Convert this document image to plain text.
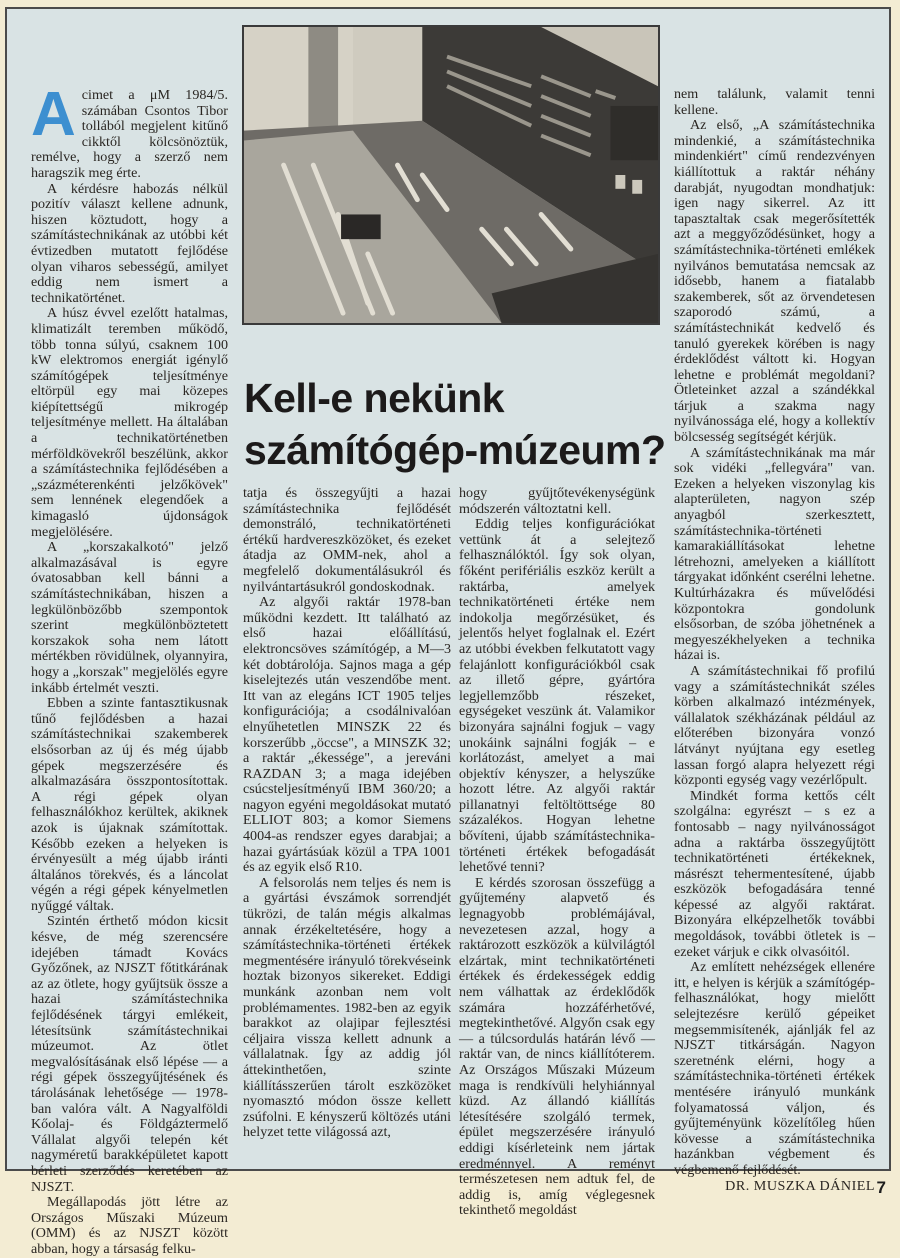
Kell-e nekünk
számítógép-múzeum?

Acimet a μM 1984/5. számában Csontos Tibor tollából megjelent kitűnő cikktől kölcsönöztük, remélve, hogy a szerző nem haragszik meg érte.

A kérdésre habozás nélkül pozitív választ kellene adnunk, hiszen köztudott, hogy a számítástechnikának az utóbbi két évtizedben mutatott fejlődése olyan viharos sebességű, amilyet eddig nem ismert a technikatörténet.

A húsz évvel ezelőtt hatalmas, klimatizált teremben működő, több tonna súlyú, csaknem 100 kW elektromos energiát igénylő számítógépek teljesítménye eltörpül egy mai közepes kiépítettségű mikrogép teljesítménye mellett. Ha általában a technikatörténetben mérföldkövekről beszélünk, akkor a számítástechnika fejlődésében a „százméterenkénti jelzőkövek" sem lennének elegendőek a kimagasló újdonságok megjelölésére.

A „korszakalkotó" jelző alkalmazásával is egyre óvatosabban kell bánni a számítástechnikában, hiszen a legkülönbözőbb szempontok szerint megkülönböztetett korszakok soha nem látott mértékben rövidülnek, olyannyira, hogy a „korszak" megjelölés egyre inkább értelmét veszti.

Ebben a szinte fantasztikusnak tűnő fejlődésben a hazai számítástechnikai szakemberek elsősorban az új és még újabb gépek megszerzésére és alkalmazására összpontosítottak. A régi gépek olyan felhasználókhoz kerültek, akiknek azok is újaknak számítottak. Később ezeken a helyeken is érvényesült a még újabb iránti általános törekvés, és a láncolat végén a régi gépek kényelmetlen nyűggé váltak.

Szintén érthető módon kicsit késve, de még szerencsére idejében támadt Kovács Győzőnek, az NJSZT főtitkárának az az ötlete, hogy gyűjtsük össze a hazai számítástechnika fejlődésének tárgyi emlékeit, létesítsünk számítástechnikai múzeumot. Az ötlet megvalósításának első lépése — a régi gépek összegyűjtésének és tárolásának lehetősége — 1978-ban valóra vált. A Nagyalföldi Kőolaj- és Földgáztermelő Vállalat algyői telepén két nagyméretű barakképületet kapott bérleti szerződés keretében az NJSZT.

Megállapodás jött létre az Országos Műszaki Múzeum (OMM) és az NJSZT között abban, hogy a társaság felku-

tatja és összegyűjti a hazai számítástechnika fejlődését demonstráló, technikatörténeti értékű hardvereszközöket, és ezeket átadja az OMM-nek, ahol a megfelelő dokumentálásukról és nyilvántartásukról gondoskodnak.

Az algyői raktár 1978-ban működni kezdett. Itt található az első hazai előállítású, elektroncsöves számítógép, a M—3 két dobtárolója. Sajnos maga a gép kiselejtezés után veszendőbe ment. Itt van az elegáns ICT 1905 teljes konfigurációja; a csodálnivalóan elnyűhetetlen MINSZK 22 és korszerűbb „öccse", a MINSZK 32; a raktár „ékessége", a jereváni RAZDAN 3; a maga idejében csúcsteljesítményű IBM 360/20; a nagyon egyéni megoldásokat mutató ELLIOT 803; a komor Siemens 4004-as rendszer egyes darabjai; a hazai gyártásúak közül a TPA 1001 és az egyik első R10.

A felsorolás nem teljes és nem is a gyártási évszámok sorrendjét tükrözi, de talán mégis alkalmas annak érzékeltetésére, hogy a számítástechnika-történeti értékek megmentésére irányuló törekvéseink hoztak bizonyos sikereket. Eddigi munkánk azonban nem volt problémamentes. 1982-ben az egyik barakkot az olajipar fejlesztési céljaira vissza kellett adnunk a vállalatnak. Így az addig jól áttekinthetően, szinte kiállításszerűen tárolt eszközöket nyomasztó módon össze kellett zsúfolni. E kényszerű költözés utáni helyzet tette világossá azt,

hogy gyűjtőtevékenységünk módszerén változtatni kell.

Eddig teljes konfigurációkat vettünk át a selejtező felhasználóktól. Így sok olyan, főként perifériális eszköz került a raktárba, amelyek technikatörténeti értéke nem indokolja megőrzésüket, és jelentős helyet foglalnak el. Ezért az utóbbi években felkutatott vagy felajánlott konfigurációkból csak az illető gépre, gyártóra legjellemzőbb részeket, egységeket veszünk át. Valamikor bizonyára sajnálni fogjuk – vagy unokáink sajnálni fogják – e korlátozást, amelyet a mai objektív kényszer, a helyszűke hozott létre. Az algyői raktár pillanatnyi feltöltöttsége 80 százalékos. Hogyan lehetne bővíteni, újabb számítástechnika-történeti értékek befogadását lehetővé tenni?

E kérdés szorosan összefügg a gyűjtemény alapvető és legnagyobb problémájával, nevezetesen azzal, hogy a raktározott eszközök a külvilágtól elzártak, mint technikatörténeti értékek és érdekességek eddig nem válhattak az érdeklődők számára hozzáférhetővé, megtekinthetővé. Algyőn csak egy — a túlcsordulás határán lévő — raktár van, de nincs kiállítóterem. Az Országos Műszaki Múzeum maga is rendkívüli helyhiánnyal küzd. Az állandó kiállítás létesítésére szolgáló termek, épület megszerzésére irányuló eddigi kísérleteink nem jártak eredménnyel. A reményt természetesen nem adtuk fel, de addig is, amíg véglegesnek tekinthető megoldást

nem találunk, valamit tenni kellene.

Az első, „A számítástechnika mindenkié, a számítástechnika mindenkiért" című rendezvényen kiállítottuk a raktár néhány darabját, nyugodtan mondhatjuk: igen nagy sikerrel. Az itt tapasztaltak csak megerősítették azt a meggyőződésünket, hogy a számítástechnika-történeti emlékek nyilvános bemutatása nemcsak az idősebb, hanem a fiatalabb szakemberek, sőt az örvendetesen szaporodó számú, a számítástechnikát kedvelő és tanuló gyerekek körében is nagy érdeklődést váltott ki. Hogyan lehetne e problémát megoldani? Ötleteinket azzal a szándékkal tárjuk a szakma nagy nyilvánossága elé, hogy a kollektív bölcsesség segítségét kérjük.

A számítástechnikának ma már sok vidéki „fellegvára" van. Ezeken a helyeken viszonylag kis alapterületen, nagyon szép anyagból szerkesztett, számítástechnika-történeti kamarakiállításokat lehetne létrehozni, amelyeken a kiállított tárgyakat időnként cserélni lehetne. Kultúrházakra és művelődési központokra gondolunk elsősorban, de szóba jöhetnének a megyeszékhelyeken a technika házai is.

A számítástechnikai fő profilú vagy a számítástechnikát széles körben alkalmazó intézmények, vállalatok székházának például az előterében bizonyára vonzó látványt nyújtana egy esetleg lassan forgó alapra helyezett régi központi egység vagy vezérlőpult.

Mindkét forma kettős célt szolgálna: egyrészt – s ez a fontosabb – nagy nyilvánosságot adna a raktárba összegyűjtött technikatörténeti értékeknek, másrészt tehermentesítené, újabb eszközök befogadására tenné képessé az algyői raktárat. Bizonyára elképzelhetők további megoldások, további ötletek is – ezeket várjuk e cikk olvasóitól.

Az említett nehézségek ellenére itt, e helyen is kérjük a számítógép-felhasználókat, hogy mielőtt selejtezésre kerülő gépeiket megsemmisítenék, ajánlják fel az NJSZT titkárságán. Nagyon szeretnénk elérni, hogy a számítástechnika-történeti értékek mentésére irányuló munkánk folyamatossá váljon, és gyűjteményünk közelítőleg hűen kövesse a számítástechnika hazánkban végbement és végbemenő fejlődését.

DR. MUSZKA DÁNIEL 7
